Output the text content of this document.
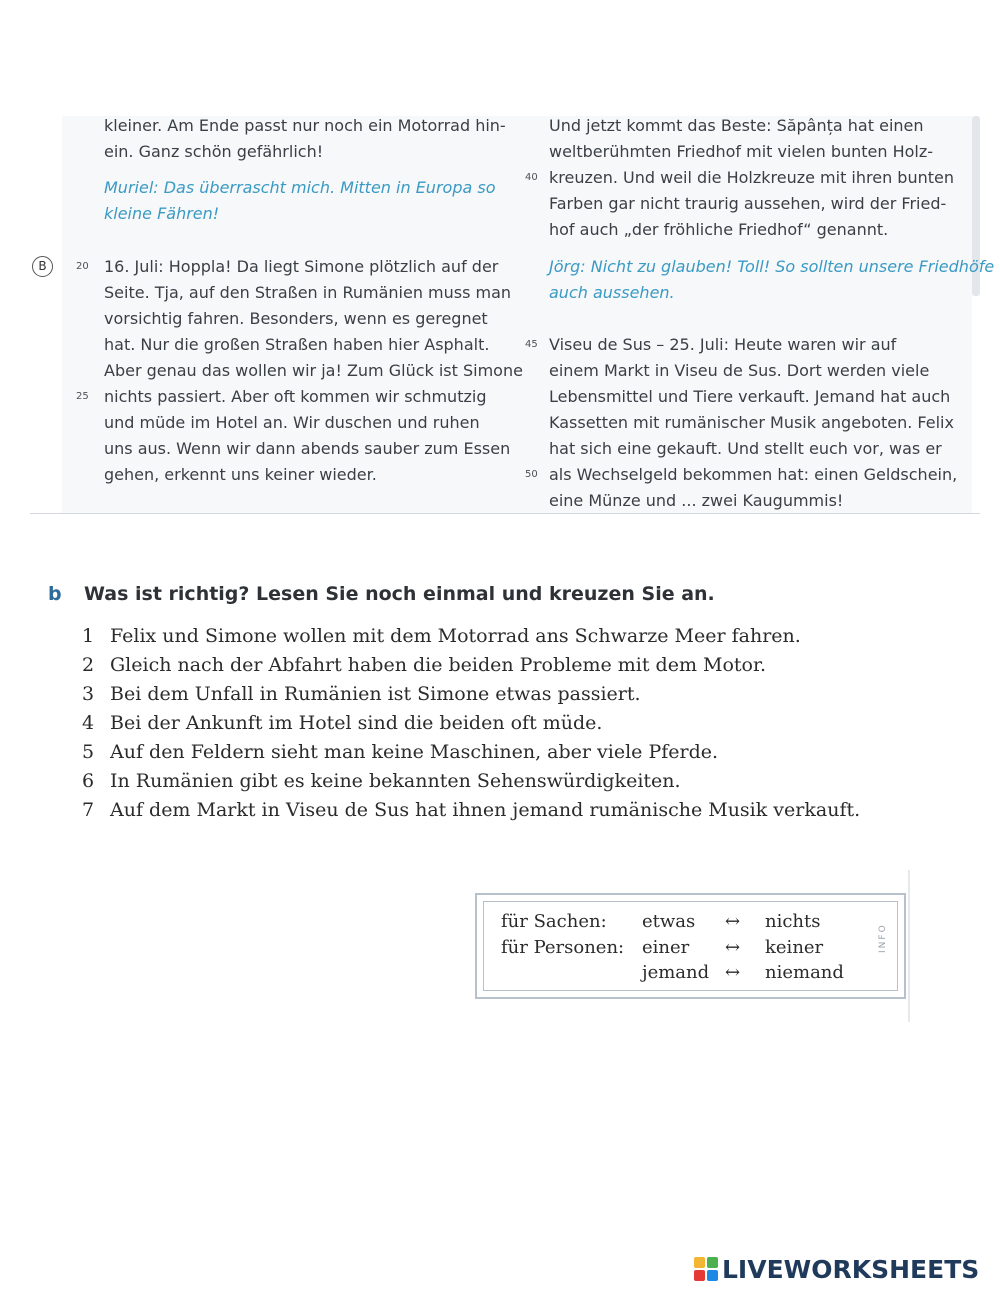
B
kleiner. Am Ende passt nur noch ein Motorrad hin-
ein. Ganz schön gefährlich!
Muriel: Das überrascht mich. Mitten in Europa so
kleine Fähren!
20 16. Juli: Hoppla! Da liegt Simone plötzlich auf der
Seite. Tja, auf den Straßen in Rumänien muss man
vorsichtig fahren. Besonders, wenn es geregnet
hat. Nur die großen Straßen haben hier Asphalt.
Aber genau das wollen wir ja! Zum Glück ist Simone
25 nichts passiert. Aber oft kommen wir schmutzig
und müde im Hotel an. Wir duschen und ruhen
uns aus. Wenn wir dann abends sauber zum Essen
gehen, erkennt uns keiner wieder.
Und jetzt kommt das Beste: Săpânța hat einen
weltberühmten Friedhof mit vielen bunten Holz-
40 kreuzen. Und weil die Holzkreuze mit ihren bunten
Farben gar nicht traurig aussehen, wird der Fried-
hof auch „der fröhliche Friedhof“ genannt.
Jörg: Nicht zu glauben! Toll! So sollten unsere Friedhöfe
auch aussehen.
45 Viseu de Sus – 25. Juli: Heute waren wir auf
einem Markt in Viseu de Sus. Dort werden viele
Lebensmittel und Tiere verkauft. Jemand hat auch
Kassetten mit rumänischer Musik angeboten. Felix
hat sich eine gekauft. Und stellt euch vor, was er
50 als Wechselgeld bekommen hat: einen Geldschein,
eine Münze und ... zwei Kaugummis!
b Was ist richtig? Lesen Sie noch einmal und kreuzen Sie an.
1 Felix und Simone wollen mit dem Motorrad ans Schwarze Meer fahren.
2 Gleich nach der Abfahrt haben die beiden Probleme mit dem Motor.
3 Bei dem Unfall in Rumänien ist Simone etwas passiert.
4 Bei der Ankunft im Hotel sind die beiden oft müde.
5 Auf den Feldern sieht man keine Maschinen, aber viele Pferde.
6 In Rumänien gibt es keine bekannten Sehenswürdigkeiten.
7 Auf dem Markt in Viseu de Sus hat ihnen jemand rumänische Musik verkauft.
für Sachen: etwas ↔ nichts
für Personen: einer ↔ keiner
jemand ↔ niemand
INFO
LIVEWORKSHEETS
